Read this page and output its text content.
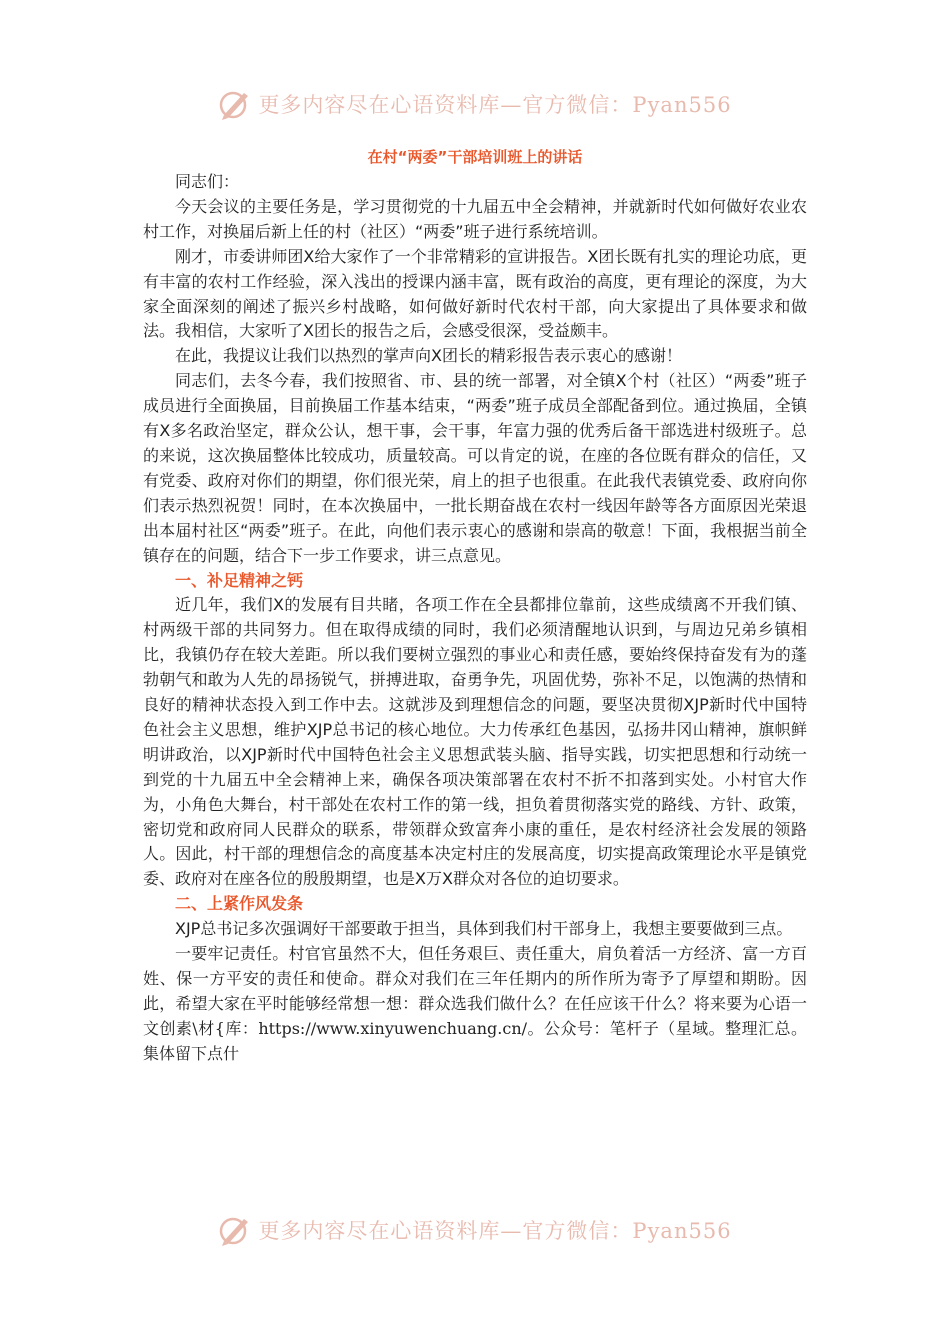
更多内容尽在心语资料库—官方微信：Pyan556
在村“两委”干部培训班上的讲话

同志们：

今天会议的主要任务是，学习贯彻党的十九届五中全会精神，并就新时代如何做好农业农村工作，对换届后新上任的村（社区）“两委”班子进行系统培训。

刚才，市委讲师团X给大家作了一个非常精彩的宣讲报告。X团长既有扎实的理论功底，更有丰富的农村工作经验，深入浅出的授课内涵丰富，既有政治的高度，更有理论的深度，为大家全面深刻的阐述了振兴乡村战略，如何做好新时代农村干部，向大家提出了具体要求和做法。我相信，大家听了X团长的报告之后，会感受很深，受益颇丰。

在此，我提议让我们以热烈的掌声向X团长的精彩报告表示衷心的感谢！

同志们，去冬今春，我们按照省、市、县的统一部署，对全镇X个村（社区）“两委”班子成员进行全面换届，目前换届工作基本结束，“两委”班子成员全部配备到位。通过换届，全镇有X多名政治坚定，群众公认，想干事，会干事，年富力强的优秀后备干部选进村级班子。总的来说，这次换届整体比较成功，质量较高。可以肯定的说，在座的各位既有群众的信任，又有党委、政府对你们的期望，你们很光荣，肩上的担子也很重。在此我代表镇党委、政府向你们表示热烈祝贺！同时，在本次换届中，一批长期奋战在农村一线因年龄等各方面原因光荣退出本届村社区“两委”班子。在此，向他们表示衷心的感谢和崇高的敬意！下面，我根据当前全镇存在的问题，结合下一步工作要求，讲三点意见。

一、补足精神之钙

近几年，我们X的发展有目共睹，各项工作在全县都排位靠前，这些成绩离不开我们镇、村两级干部的共同努力。但在取得成绩的同时，我们必须清醒地认识到，与周边兄弟乡镇相比，我镇仍存在较大差距。所以我们要树立强烈的事业心和责任感，要始终保持奋发有为的蓬勃朝气和敢为人先的昂扬锐气，拼搏进取，奋勇争先，巩固优势，弥补不足，以饱满的热情和良好的精神状态投入到工作中去。这就涉及到理想信念的问题，要坚决贯彻XJP新时代中国特色社会主义思想，维护XJP总书记的核心地位。大力传承红色基因，弘扬井冈山精神，旗帜鲜明讲政治，以XJP新时代中国特色社会主义思想武装头脑、指导实践，切实把思想和行动统一到党的十九届五中全会精神上来，确保各项决策部署在农村不折不扣落到实处。小村官大作为，小角色大舞台，村干部处在农村工作的第一线，担负着贯彻落实党的路线、方针、政策，密切党和政府同人民群众的联系，带领群众致富奔小康的重任，是农村经济社会发展的领路人。因此，村干部的理想信念的高度基本决定村庄的发展高度，切实提高政策理论水平是镇党委、政府对在座各位的殷殷期望，也是X万X群众对各位的迫切要求。

二、上紧作风发条

XJP总书记多次强调好干部要敢于担当，具体到我们村干部身上，我想主要要做到三点。

一要牢记责任。村官官虽然不大，但任务艰巨、责任重大，肩负着活一方经济、富一方百姓、保一方平安的责任和使命。群众对我们在三年任期内的所作所为寄予了厚望和期盼。因此，希望大家在平时能够经常想一想：群众选我们做什么？在任应该干什么？将来要为心语一文创素\材{库：https://www.xinyuwenchuang.cn/。公众号：笔杆子（星域。整理汇总。集体留下点什

更多内容尽在心语资料库—官方微信：Pyan556
